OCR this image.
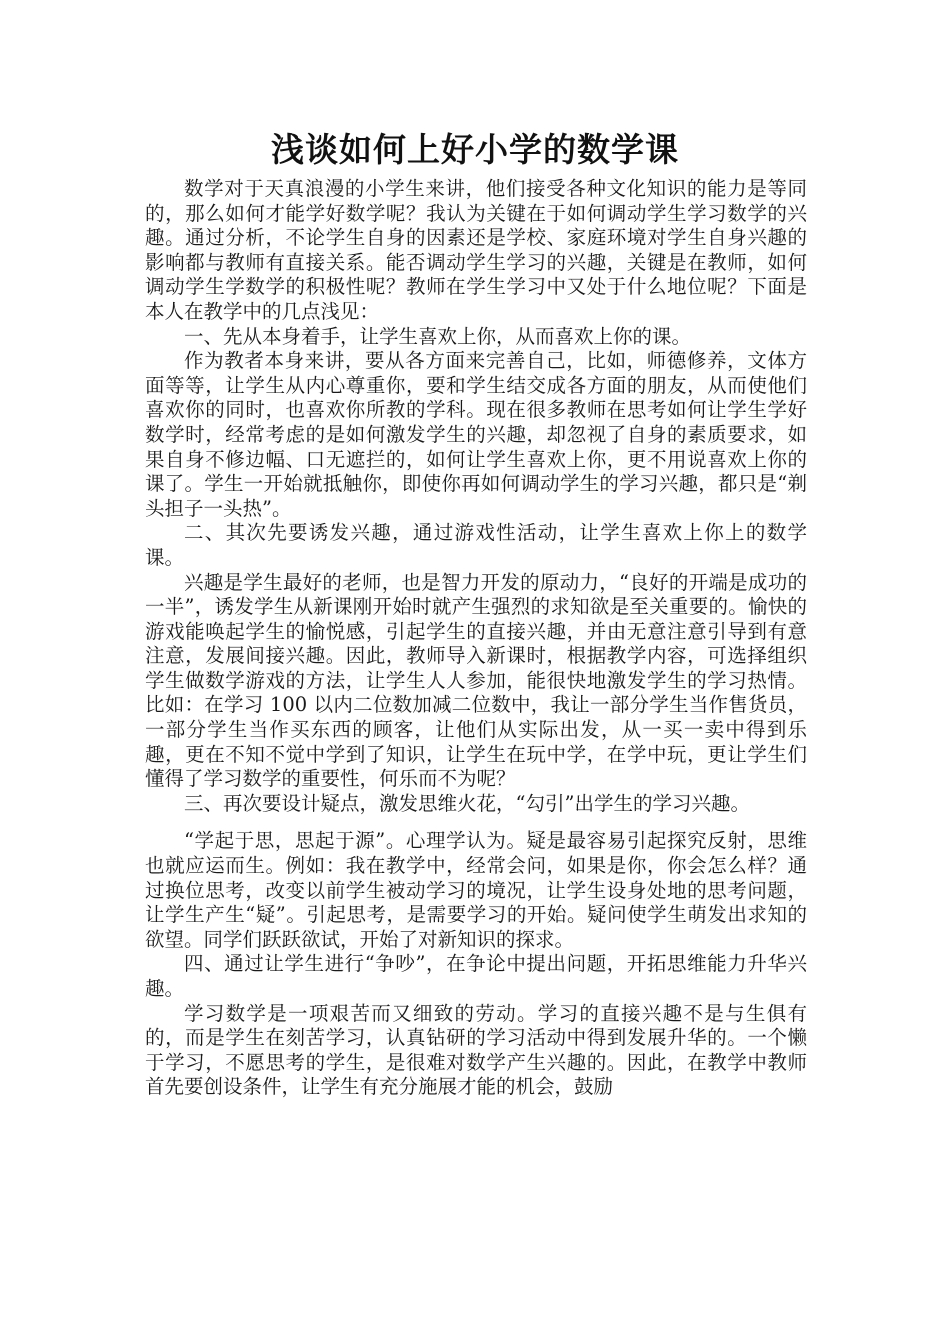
浅谈如何上好小学的数学课

数学对于天真浪漫的小学生来讲，他们接受各种文化知识的能力是等同的，那么如何才能学好数学呢？我认为关键在于如何调动学生学习数学的兴趣。通过分析，不论学生自身的因素还是学校、家庭环境对学生自身兴趣的影响都与教师有直接关系。能否调动学生学习的兴趣，关键是在教师，如何调动学生学数学的积极性呢？教师在学生学习中又处于什么地位呢？下面是本人在教学中的几点浅见：

一、先从本身着手，让学生喜欢上你，从而喜欢上你的课。

作为教者本身来讲，要从各方面来完善自己，比如，师德修养，文体方面等等，让学生从内心尊重你，要和学生结交成各方面的朋友，从而使他们喜欢你的同时，也喜欢你所教的学科。现在很多教师在思考如何让学生学好数学时，经常考虑的是如何激发学生的兴趣，却忽视了自身的素质要求，如果自身不修边幅、口无遮拦的，如何让学生喜欢上你，更不用说喜欢上你的课了。学生一开始就抵触你，即使你再如何调动学生的学习兴趣，都只是“剃头担子一头热”。

二、其次先要诱发兴趣，通过游戏性活动，让学生喜欢上你上的数学课。

兴趣是学生最好的老师，也是智力开发的原动力，“良好的开端是成功的一半”，诱发学生从新课刚开始时就产生强烈的求知欲是至关重要的。愉快的游戏能唤起学生的愉悦感，引起学生的直接兴趣，并由无意注意引导到有意注意，发展间接兴趣。因此，教师导入新课时，根据教学内容，可选择组织学生做数学游戏的方法，让学生人人参加，能很快地激发学生的学习热情。比如：在学习 100 以内二位数加减二位数中，我让一部分学生当作售货员，一部分学生当作买东西的顾客，让他们从实际出发，从一买一卖中得到乐趣，更在不知不觉中学到了知识，让学生在玩中学，在学中玩，更让学生们懂得了学习数学的重要性，何乐而不为呢？

三、再次要设计疑点，激发思维火花，“勾引”出学生的学习兴趣。

“学起于思，思起于源”。心理学认为。疑是最容易引起探究反射，思维也就应运而生。例如：我在教学中，经常会问，如果是你，你会怎么样？通过换位思考，改变以前学生被动学习的境况，让学生设身处地的思考问题，让学生产生“疑”。引起思考，是需要学习的开始。疑问使学生萌发出求知的欲望。同学们跃跃欲试，开始了对新知识的探求。

四、通过让学生进行“争吵”，在争论中提出问题，开拓思维能力升华兴趣。

学习数学是一项艰苦而又细致的劳动。学习的直接兴趣不是与生俱有的，而是学生在刻苦学习，认真钻研的学习活动中得到发展升华的。一个懒于学习，不愿思考的学生，是很难对数学产生兴趣的。因此，在教学中教师首先要创设条件，让学生有充分施展才能的机会，鼓励
